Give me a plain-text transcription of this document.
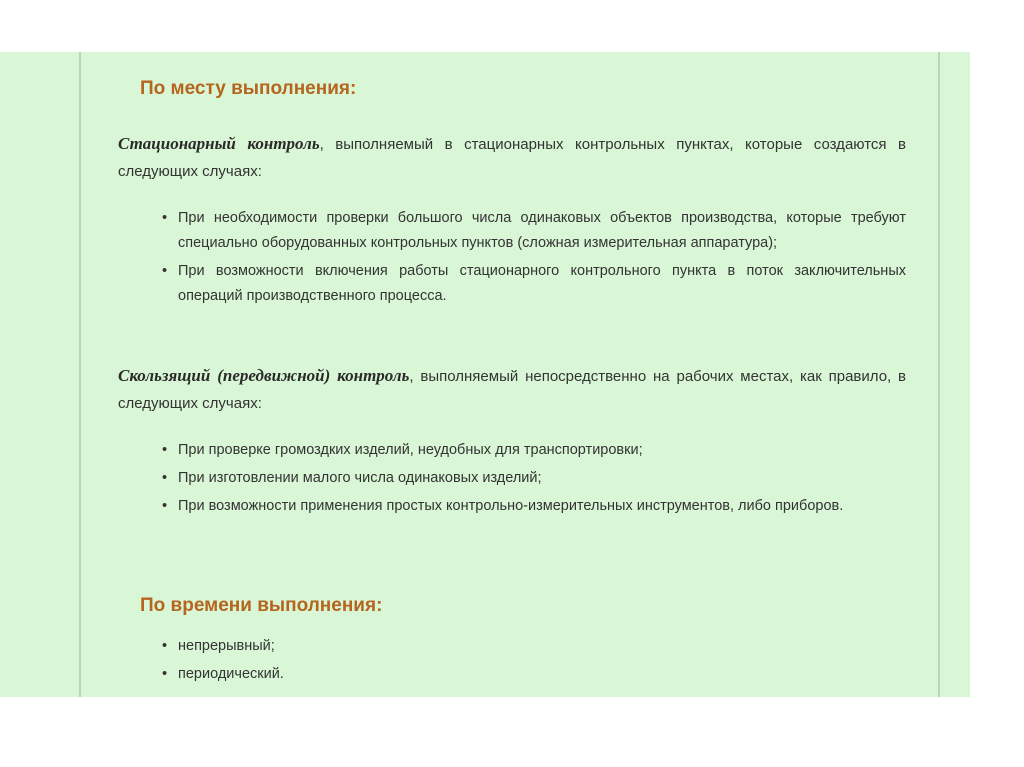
По месту выполнения:

Стационарный контроль, выполняемый в стационарных контрольных пунктах, которые создаются в следующих случаях:

• При необходимости проверки большого числа одинаковых объектов производства, которые требуют специально оборудованных контрольных пунктов (сложная измерительная аппаратура);
• При возможности включения работы стационарного контрольного пункта в поток заключительных операций производственного процесса.

Скользящий (передвижной) контроль, выполняемый непосредственно на рабочих местах, как правило, в следующих случаях:

• При проверке громоздких изделий, неудобных для транспортировки;
• При изготовлении малого числа одинаковых изделий;
• При возможности применения простых контрольно-измерительных инструментов, либо приборов.
По времени выполнения:
• непрерывный;
• периодический.
